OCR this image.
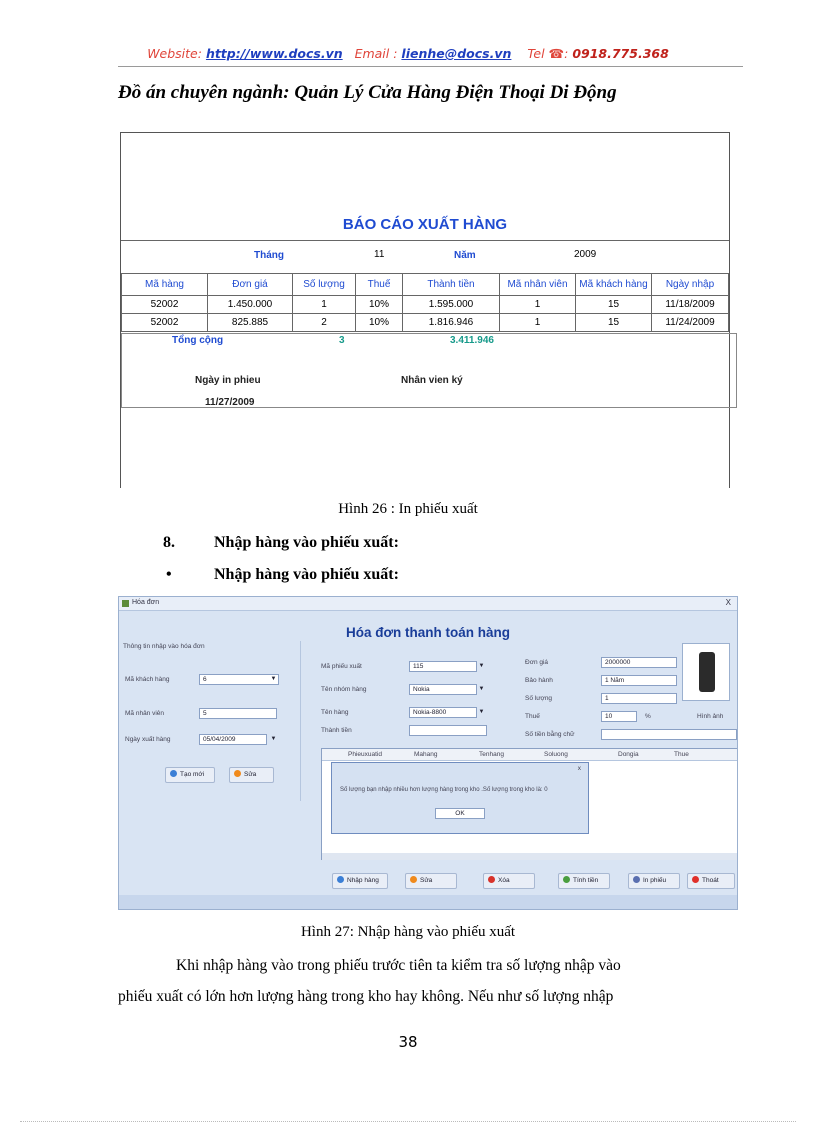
Website: http://www.docs.vn Email : lienhe@docs.vn Tel ☎: 0918.775.368
Đồ án chuyên ngành: Quản Lý Cửa Hàng Điện Thoại Di Động
BÁO CÁO XUẤT HÀNG
Tháng	11	Năm	2009
Mã hàng	Đơn giá	Số lượng	Thuế	Thành tiền	Mã nhân viên	Mã khách hàng	Ngày nhập
52002	1.450.000	1	10%	1.595.000	1	15	11/18/2009
52002	825.885	2	10%	1.816.946	1	15	11/24/2009
Tổng cộng	3	3.411.946
Ngày in phieu	Nhân vien ký
11/27/2009
Hình 26 : In phiếu xuất
8. Nhập hàng vào phiếu xuất:
•	Nhập hàng vào phiếu xuất:
Hóa đơn	X
Hóa đơn thanh toán hàng
Thông tin nhập vào hóa đơn
Mã khách hàng	6	▼
Mã nhân viên	5
Ngày xuất hàng	05/04/2009	▼
Tạo mới	Sửa
Mã phiếu xuất	115	▼
Tên nhóm hàng	Nokia	▼
Tên hàng	Nokia-8800	▼
Thành tiền
Đơn giá	2000000
Bảo hành	1 Năm
Số lượng	1
Thuế	10	%
Số tiền bằng chữ
Hình ảnh
Phieuxuatid	Mahang	Tenhang	Soluong	Dongia	Thue
x
Số lượng bạn nhập nhiều hơn lượng hàng trong kho .Số lượng trong kho là: 0
OK
Nhập hàng	Sửa	Xóa	Tính tiền	In phiếu	Thoát
Hình 27: Nhập hàng vào phiếu xuất
Khi nhập hàng vào trong phiếu trước tiên ta kiểm tra số lượng nhập vào
phiếu xuất có lớn hơn lượng hàng trong kho hay không. Nếu như số lượng nhập
38
